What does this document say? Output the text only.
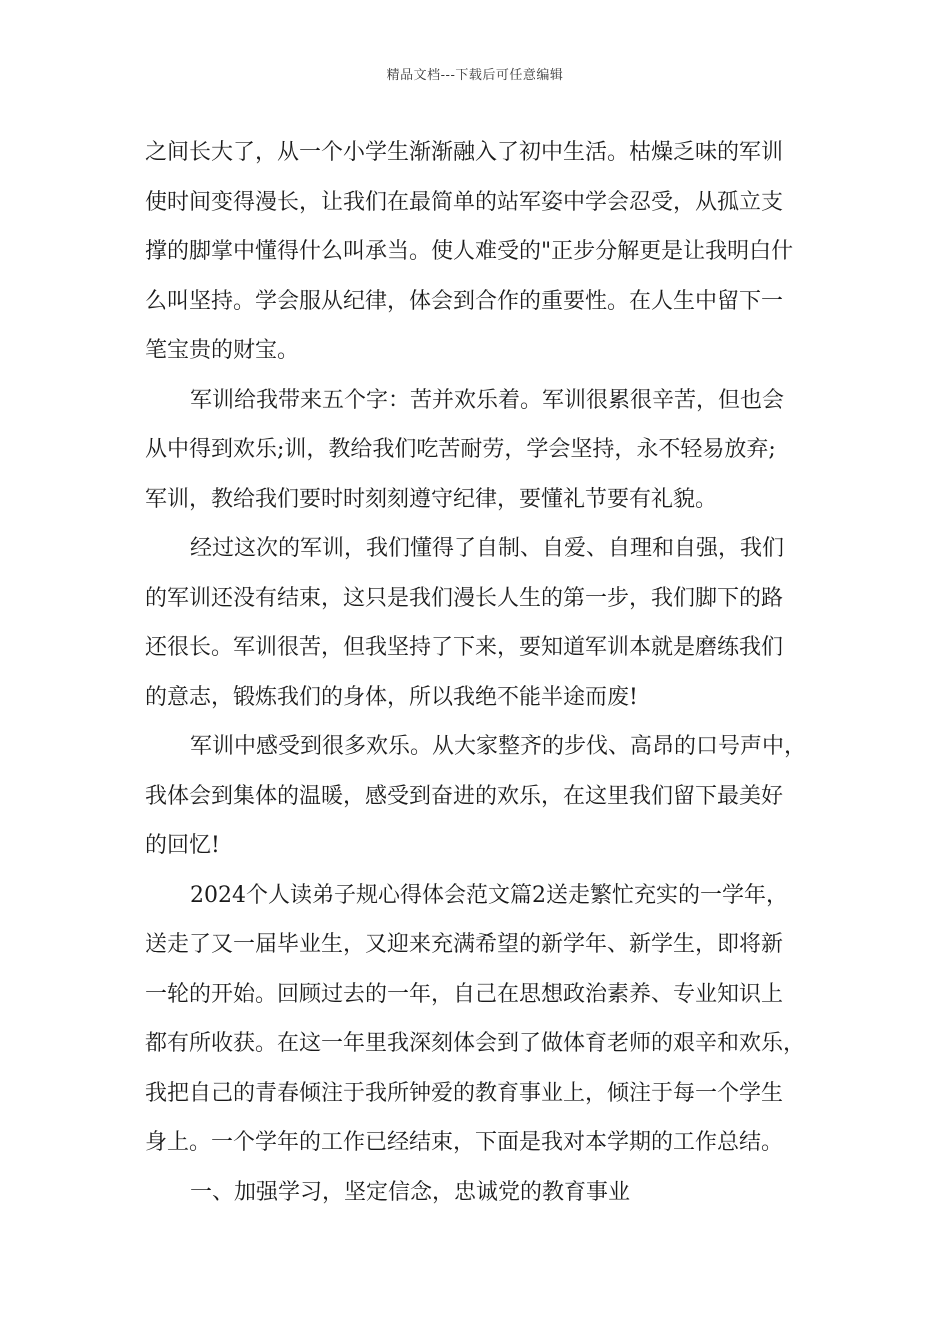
精品文档---下载后可任意编辑
之间长大了，从一个小学生渐渐融入了初中生活。枯燥乏味的军训
使时间变得漫长，让我们在最简单的站军姿中学会忍受，从孤立支
撑的脚掌中懂得什么叫承当。使人难受的"正步分解更是让我明白什
么叫坚持。学会服从纪律，体会到合作的重要性。在人生中留下一
笔宝贵的财宝。
军训给我带来五个字：苦并欢乐着。军训很累很辛苦，但也会
从中得到欢乐;训，教给我们吃苦耐劳，学会坚持，永不轻易放弃;
军训，教给我们要时时刻刻遵守纪律，要懂礼节要有礼貌。
经过这次的军训，我们懂得了自制、自爱、自理和自强，我们
的军训还没有结束，这只是我们漫长人生的第一步，我们脚下的路
还很长。军训很苦，但我坚持了下来，要知道军训本就是磨练我们
的意志，锻炼我们的身体，所以我绝不能半途而废!
军训中感受到很多欢乐。从大家整齐的步伐、高昂的口号声中，
我体会到集体的温暖，感受到奋进的欢乐，在这里我们留下最美好
的回忆!
2024个人读弟子规心得体会范文篇2送走繁忙充实的一学年，
送走了又一届毕业生，又迎来充满希望的新学年、新学生，即将新
一轮的开始。回顾过去的一年，自己在思想政治素养、专业知识上
都有所收获。在这一年里我深刻体会到了做体育老师的艰辛和欢乐，
我把自己的青春倾注于我所钟爱的教育事业上，倾注于每一个学生
身上。一个学年的工作已经结束，下面是我对本学期的工作总结。
一、加强学习，坚定信念，忠诚党的教育事业
